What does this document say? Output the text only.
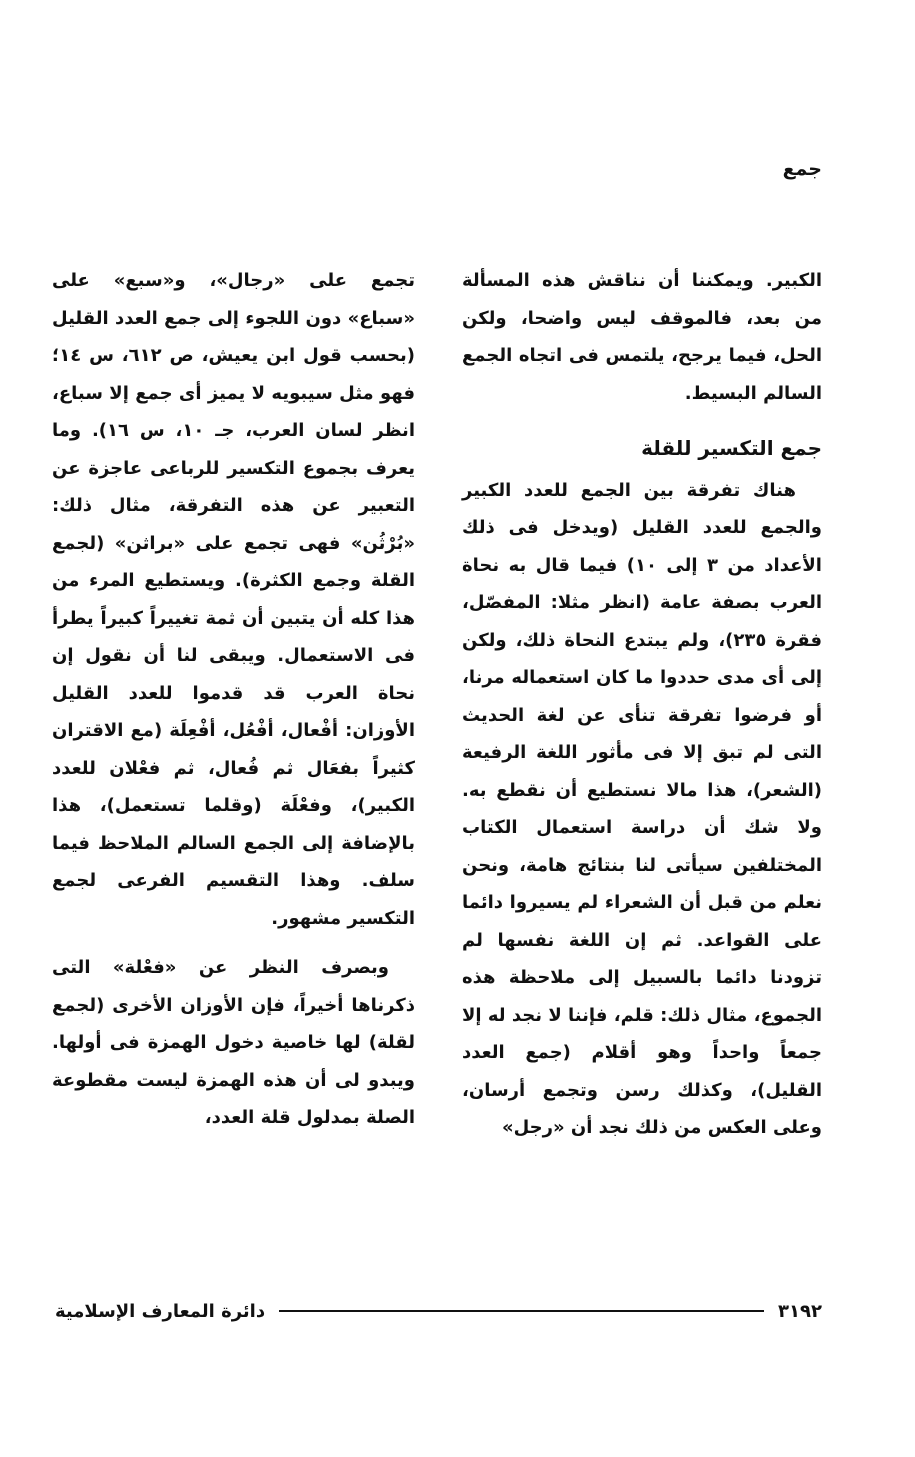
جمع

الكبير. ويمكننا أن نناقش هذه المسألة من بعد، فالموقف ليس واضحا، ولكن الحل، فيما يرجح، يلتمس فى اتجاه الجمع السالم البسيط.

جمع التكسير للقلة

هناك تفرقة بين الجمع للعدد الكبير والجمع للعدد القليل (ويدخل فى ذلك الأعداد من ٣ إلى ١٠) فيما قال به نحاة العرب بصفة عامة (انظر مثلا: المفصّل، فقرة ٢٣٥)، ولم يبتدع النحاة ذلك، ولكن إلى أى مدى حددوا ما كان استعماله مرنا، أو فرضوا تفرقة تنأى عن لغة الحديث التى لم تبق إلا فى مأثور اللغة الرفيعة (الشعر)، هذا مالا نستطيع أن نقطع به. ولا شك أن دراسة استعمال الكتاب المختلفين سيأتى لنا بنتائج هامة، ونحن نعلم من قبل أن الشعراء لم يسيروا دائما على القواعد. ثم إن اللغة نفسها لم تزودنا دائما بالسبيل إلى ملاحظة هذه الجموع، مثال ذلك: قلم، فإننا لا نجد له إلا جمعاً واحداً وهو أقلام (جمع العدد القليل)، وكذلك رسن وتجمع أرسان، وعلى العكس من ذلك نجد أن «رجل»

تجمع على «رجال»، و«سبع» على «سباع» دون اللجوء إلى جمع العدد القليل (بحسب قول ابن يعيش، ص ٦١٢، س ١٤؛ فهو مثل سيبويه لا يميز أى جمع إلا سباع، انظر لسان العرب، جـ ١٠، س ١٦). وما يعرف بجموع التكسير للرباعى عاجزة عن التعبير عن هذه التفرقة، مثال ذلك: «بُرْثُن» فهى تجمع على «براثن» (لجمع القلة وجمع الكثرة). ويستطيع المرء من هذا كله أن يتبين أن ثمة تغييراً كبيراً يطرأ فى الاستعمال. ويبقى لنا أن نقول إن نحاة العرب قد قدموا للعدد القليل الأوزان: أفْعال، أفْعُل، أفْعِلَة (مع الاقتران كثيراً بفعَال ثم فُعال، ثم فعْلان للعدد الكبير)، وفعْلَة (وقلما تستعمل)، هذا بالإضافة إلى الجمع السالم الملاحظ فيما سلف. وهذا التقسيم الفرعى لجمع التكسير مشهور.

وبصرف النظر عن «فعْلة» التى ذكرناها أخيراً، فإن الأوزان الأخرى (لجمع لقلة) لها خاصية دخول الهمزة فى أولها. ويبدو لى أن هذه الهمزة ليست مقطوعة الصلة بمدلول قلة العدد،

٣١٩٢
دائرة المعارف الإسلامية
